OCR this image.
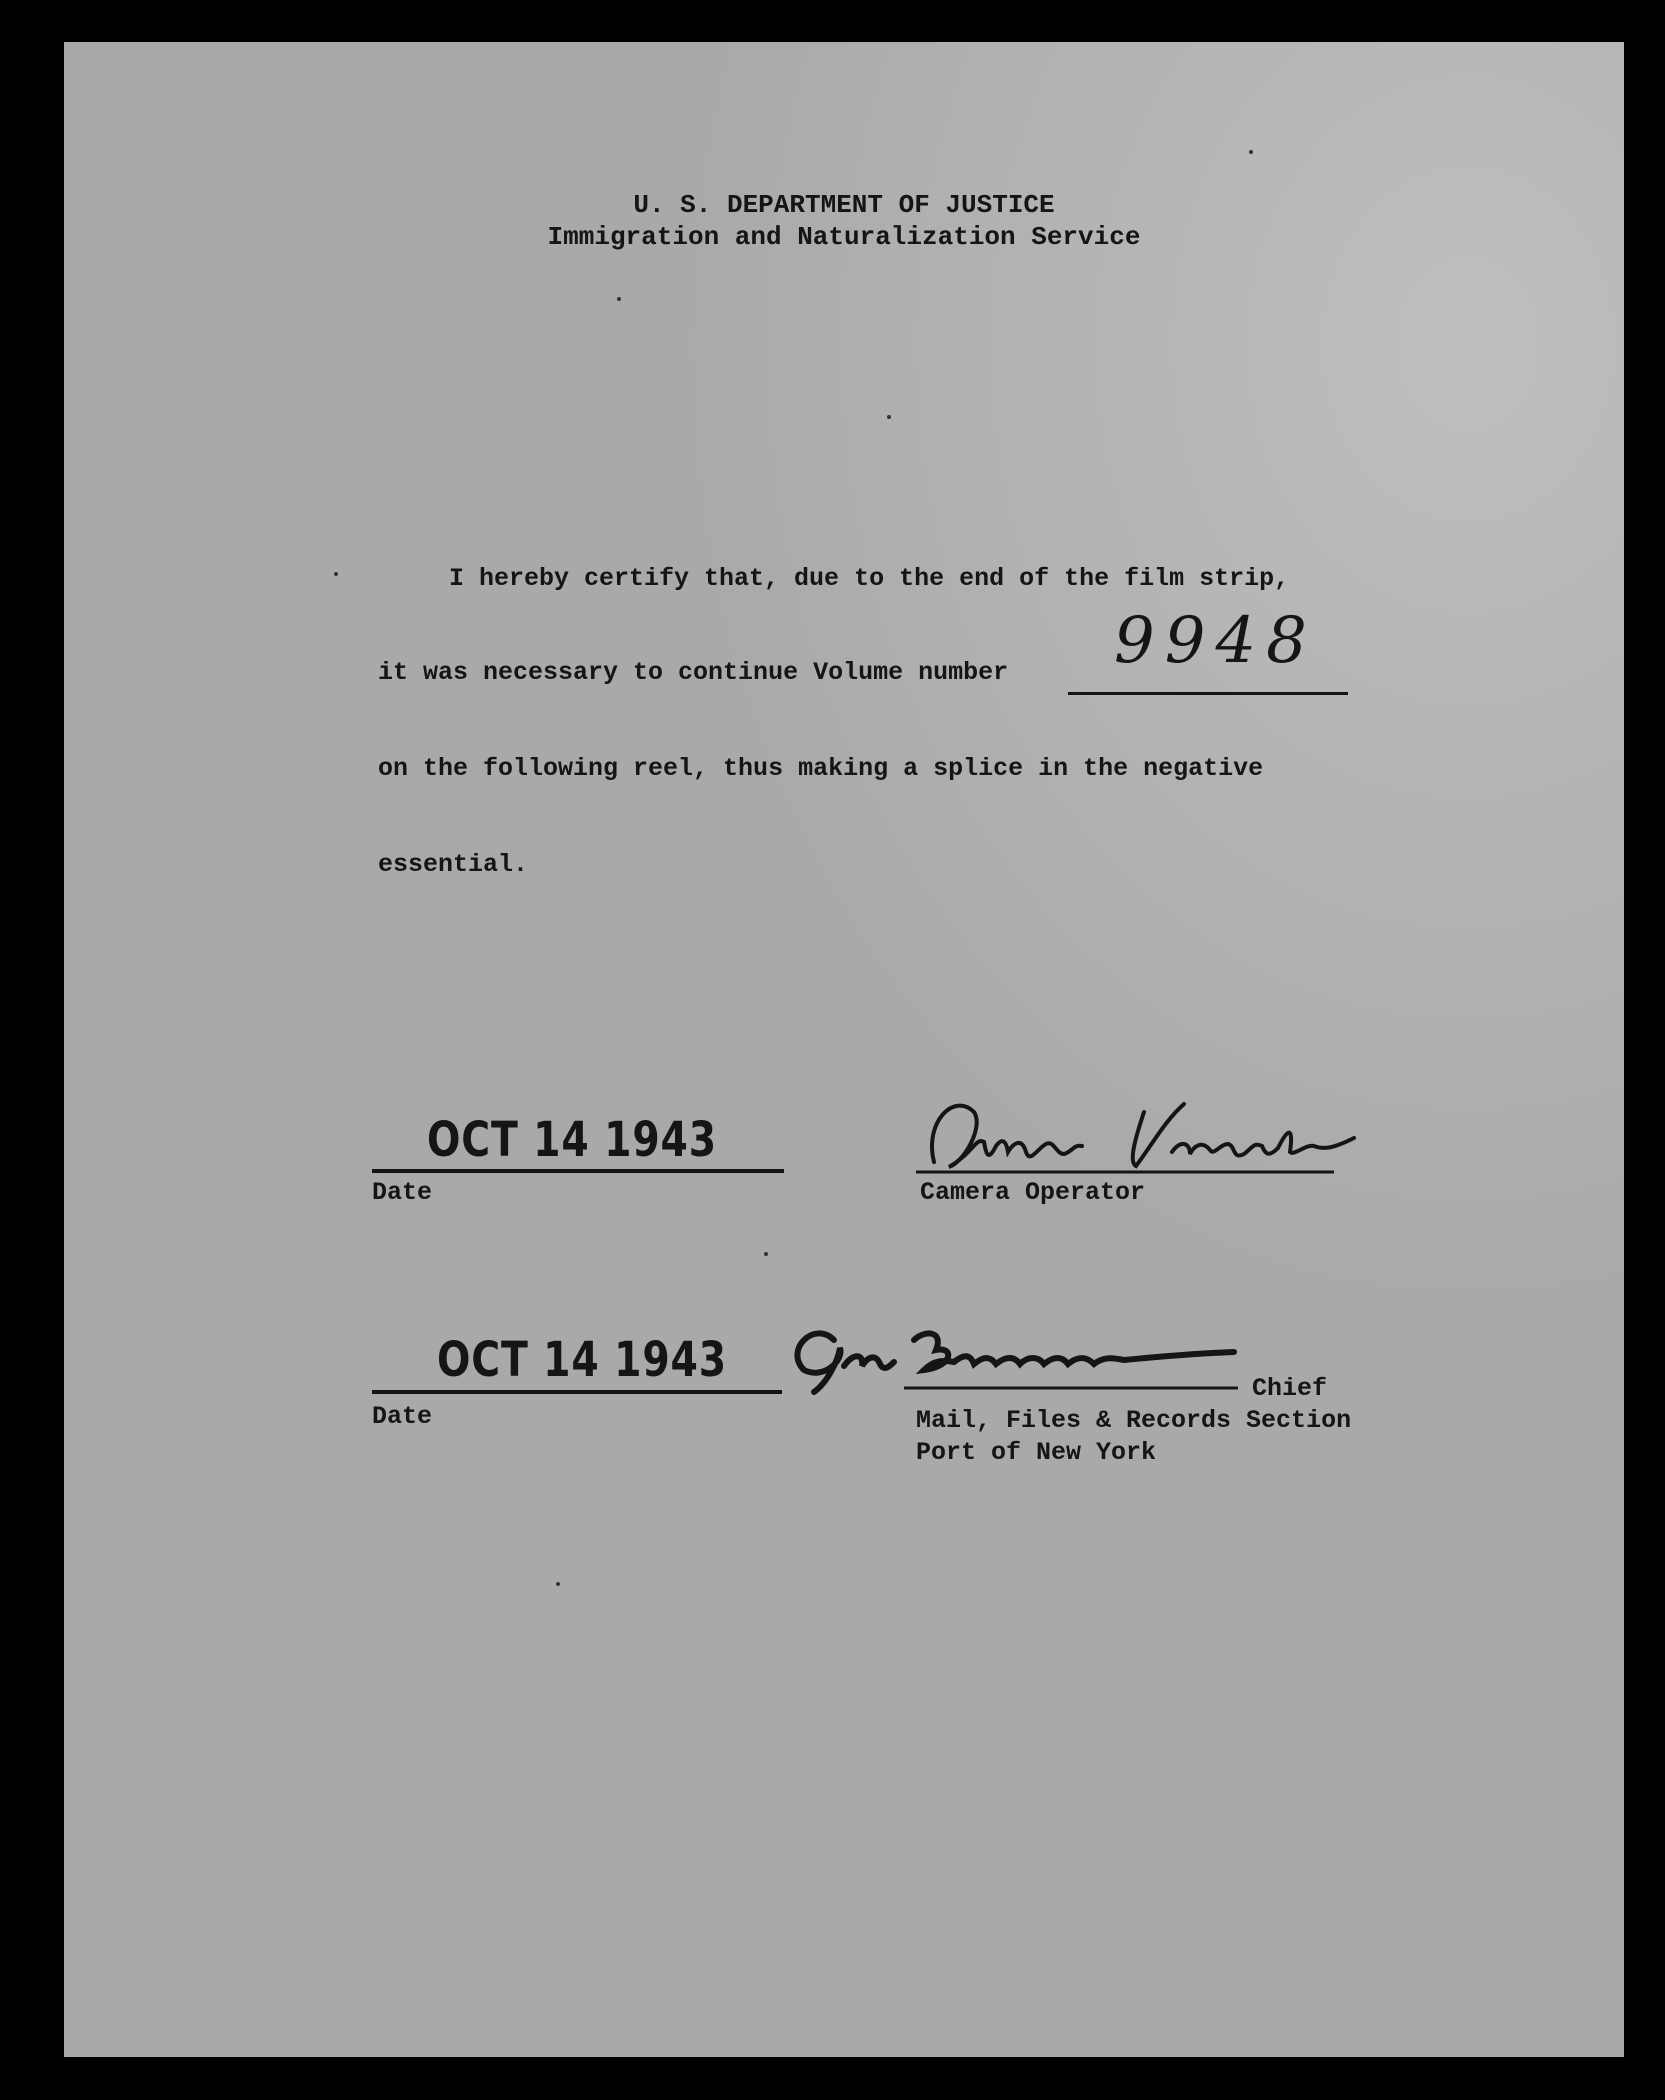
U. S. DEPARTMENT OF JUSTICE

Immigration and Naturalization Service

I hereby certify that, due to the end of the film strip,

it was necessary to continue Volume number 9948

on the following reel, thus making a splice in the negative

essential.

OCT 14 1943

Date	Camera Operator

OCT 14 1943

Date

Chief

Mail, Files & Records Section

Port of New York
